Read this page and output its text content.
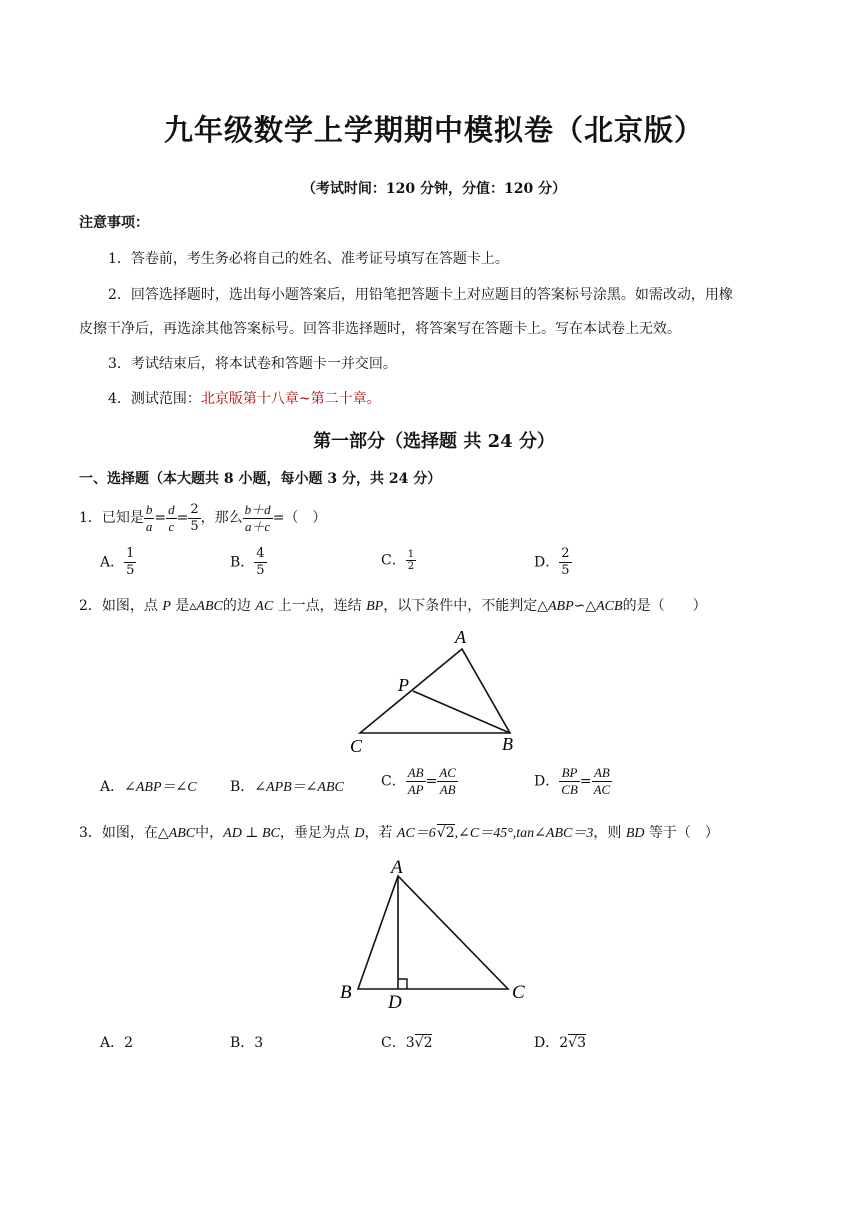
九年级数学上学期期中模拟卷（北京版）
（考试时间：120 分钟，分值：120 分）
注意事项：
1．答卷前，考生务必将自己的姓名、准考证号填写在答题卡上。
2．回答选择题时，选出每小题答案后，用铅笔把答题卡上对应题目的答案标号涂黑。如需改动，用橡
皮擦干净后，再选涂其他答案标号。回答非选择题时，将答案写在答题卡上。写在本试卷上无效。
3．考试结束后，将本试卷和答题卡一并交回。
4．测试范围：北京版第十八章~第二十章。
第一部分（选择题 共 24 分）
一、选择题（本大题共 8 小题，每小题 3 分，共 24 分）
1．已知是 $\frac{b}{a} = \frac{d}{c} = \frac{2}{5}$ ，那么 $\frac{b+d}{a+c}$ =（　）
A． $\frac{1}{5}$	B． $\frac{4}{5}$	C． $\frac{1}{2}$	D． $\frac{2}{5}$
2．如图，点 P 是▵ABC的边 AC 上一点，连结 BP，以下条件中，不能判定△ABP∽△ACB的是（　　）
A
P
C	B
A．∠ABP＝∠C B．∠APB＝∠ABC	C． $\frac{AB}{AP} = \frac{AC}{AB}$	D． $\frac{BP}{CB} = \frac{AB}{AC}$
3．如图，在△ABC中，AD ⊥ BC，垂足为点 D，若 AC＝6√2,∠C＝45°,tan∠ABC＝3，则 BD 等于（　）
A
B D	C
A．2	B．3	C．3√2	D．2√3
